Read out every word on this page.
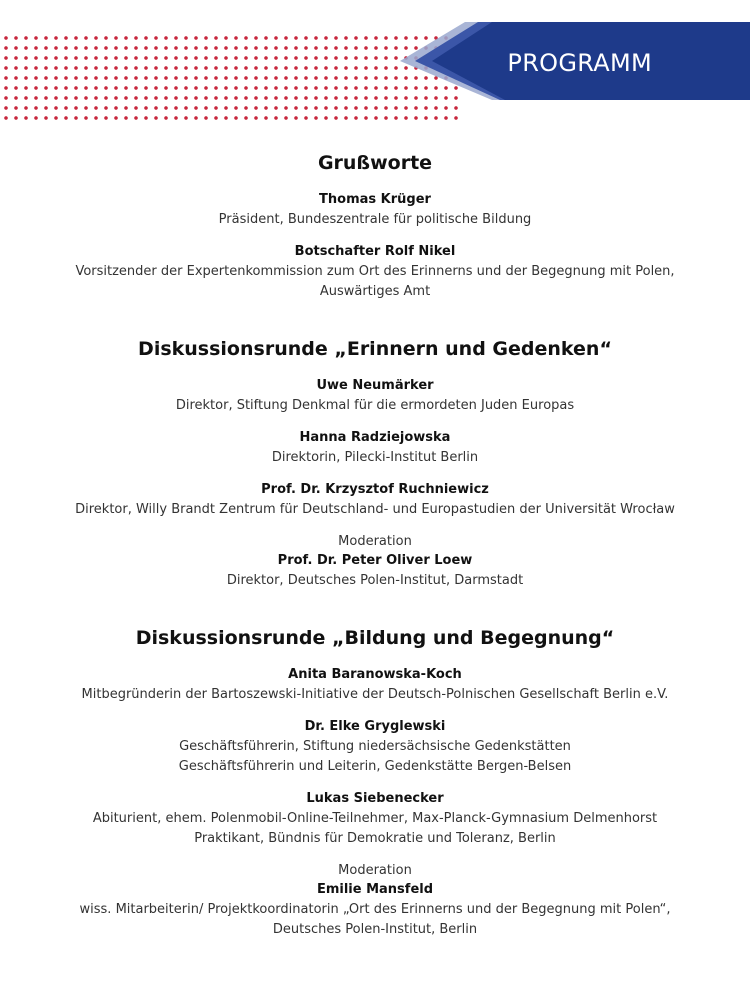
PROGRAMM
Grußworte
Thomas Krüger
Präsident, Bundeszentrale für politische Bildung
Botschafter Rolf Nikel
Vorsitzender der Expertenkommission zum Ort des Erinnerns und der Begegnung mit Polen,
Auswärtiges Amt
Diskussionsrunde „Erinnern und Gedenken“
Uwe Neumärker
Direktor, Stiftung Denkmal für die ermordeten Juden Europas
Hanna Radziejowska
Direktorin, Pilecki-Institut Berlin
Prof. Dr. Krzysztof Ruchniewicz
Direktor, Willy Brandt Zentrum für Deutschland- und Europastudien der Universität Wrocław
Moderation
Prof. Dr. Peter Oliver Loew
Direktor, Deutsches Polen-Institut, Darmstadt
Diskussionsrunde „Bildung und Begegnung“
Anita Baranowska-Koch
Mitbegründerin der Bartoszewski-Initiative der Deutsch-Polnischen Gesellschaft Berlin e.V.
Dr. Elke Gryglewski
Geschäftsführerin, Stiftung niedersächsische Gedenkstätten
Geschäftsführerin und Leiterin, Gedenkstätte Bergen-Belsen
Lukas Siebenecker
Abiturient, ehem. Polenmobil-Online-Teilnehmer, Max-Planck-Gymnasium Delmenhorst
Praktikant, Bündnis für Demokratie und Toleranz, Berlin
Moderation
Emilie Mansfeld
wiss. Mitarbeiterin/ Projektkoordinatorin „Ort des Erinnerns und der Begegnung mit Polen“,
Deutsches Polen-Institut, Berlin
